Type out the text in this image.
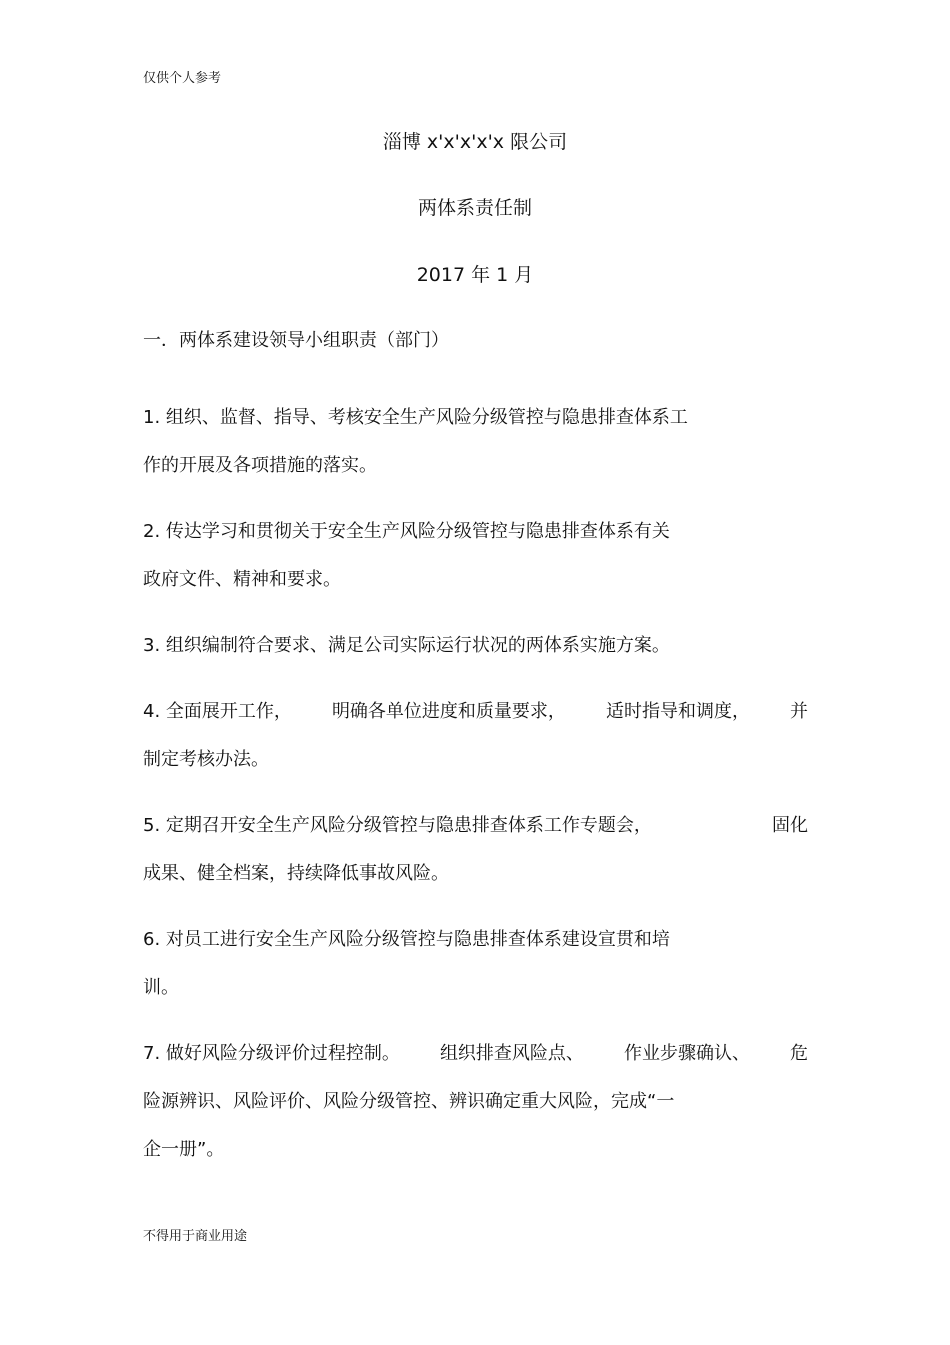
仅供个人参考
淄博 x'x'x'x'x 限公司
两体系责任制
2017 年 1 月
一．两体系建设领导小组职责（部门）
1. 组织、监督、指导、考核安全生产风险分级管控与隐患排查体系工
作的开展及各项措施的落实。
2. 传达学习和贯彻关于安全生产风险分级管控与隐患排查体系有关
政府文件、精神和要求。
3. 组织编制符合要求、满足公司实际运行状况的两体系实施方案。
4. 全面展开工作， 明确各单位进度和质量要求， 适时指导和调度， 并
制定考核办法。
5. 定期召开安全生产风险分级管控与隐患排查体系工作专题会，	固化
成果、健全档案，持续降低事故风险。
6. 对员工进行安全生产风险分级管控与隐患排查体系建设宣贯和培
训。
7. 做好风险分级评价过程控制。 组织排查风险点、 作业步骤确认、 危
险源辨识、风险评价、风险分级管控、辨识确定重大风险，完成“一
企一册”。
不得用于商业用途
